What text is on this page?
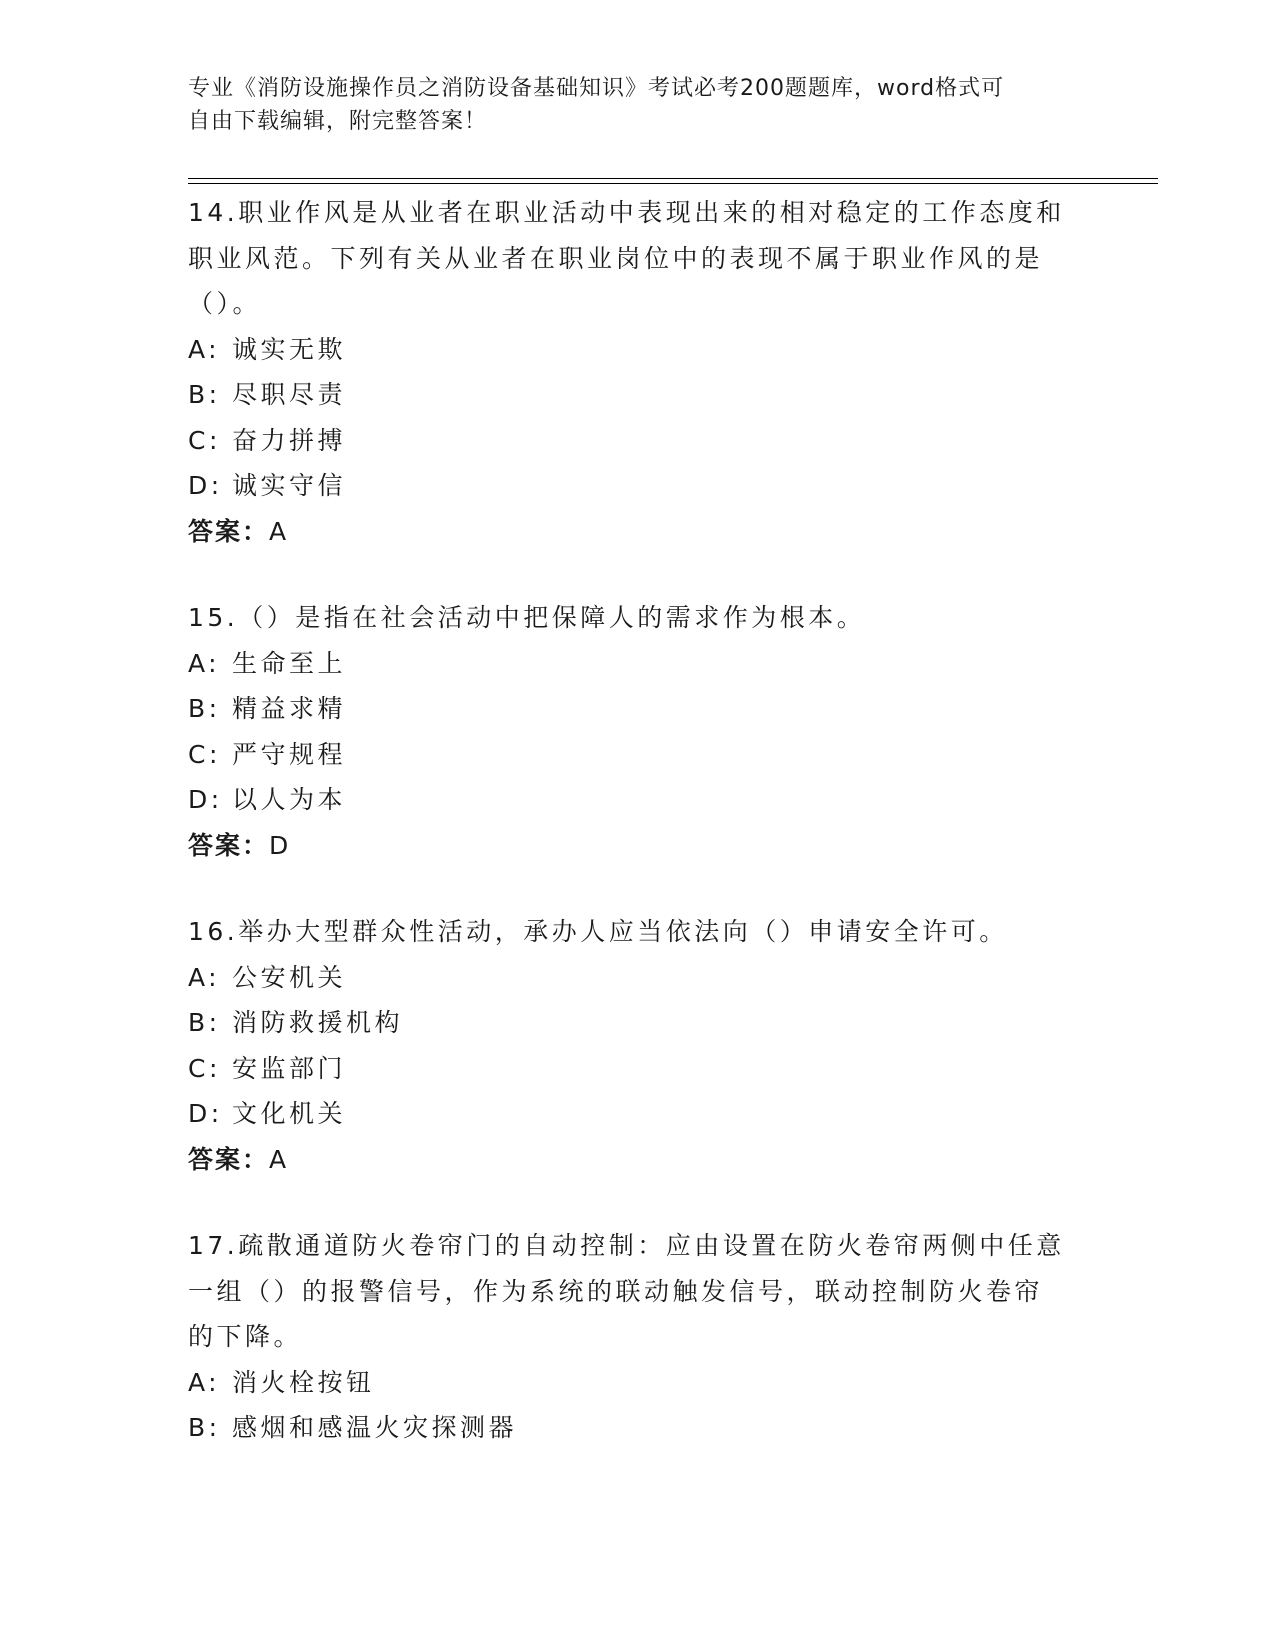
专业《消防设施操作员之消防设备基础知识》考试必考200题题库，word格式可
自由下载编辑，附完整答案！

14.职业作风是从业者在职业活动中表现出来的相对稳定的工作态度和职业风范。下列有关从业者在职业岗位中的表现不属于职业作风的是（）。

A: 诚实无欺
B: 尽职尽责
C: 奋力拼搏
D: 诚实守信
答案：A

15.（）是指在社会活动中把保障人的需求作为根本。

A: 生命至上
B: 精益求精
C: 严守规程
D: 以人为本
答案：D

16.举办大型群众性活动，承办人应当依法向（）申请安全许可。

A: 公安机关
B: 消防救援机构
C: 安监部门
D: 文化机关
答案：A

17.疏散通道防火卷帘门的自动控制：应由设置在防火卷帘两侧中任意一组（）的报警信号，作为系统的联动触发信号，联动控制防火卷帘的下降。

A: 消火栓按钮
B: 感烟和感温火灾探测器
